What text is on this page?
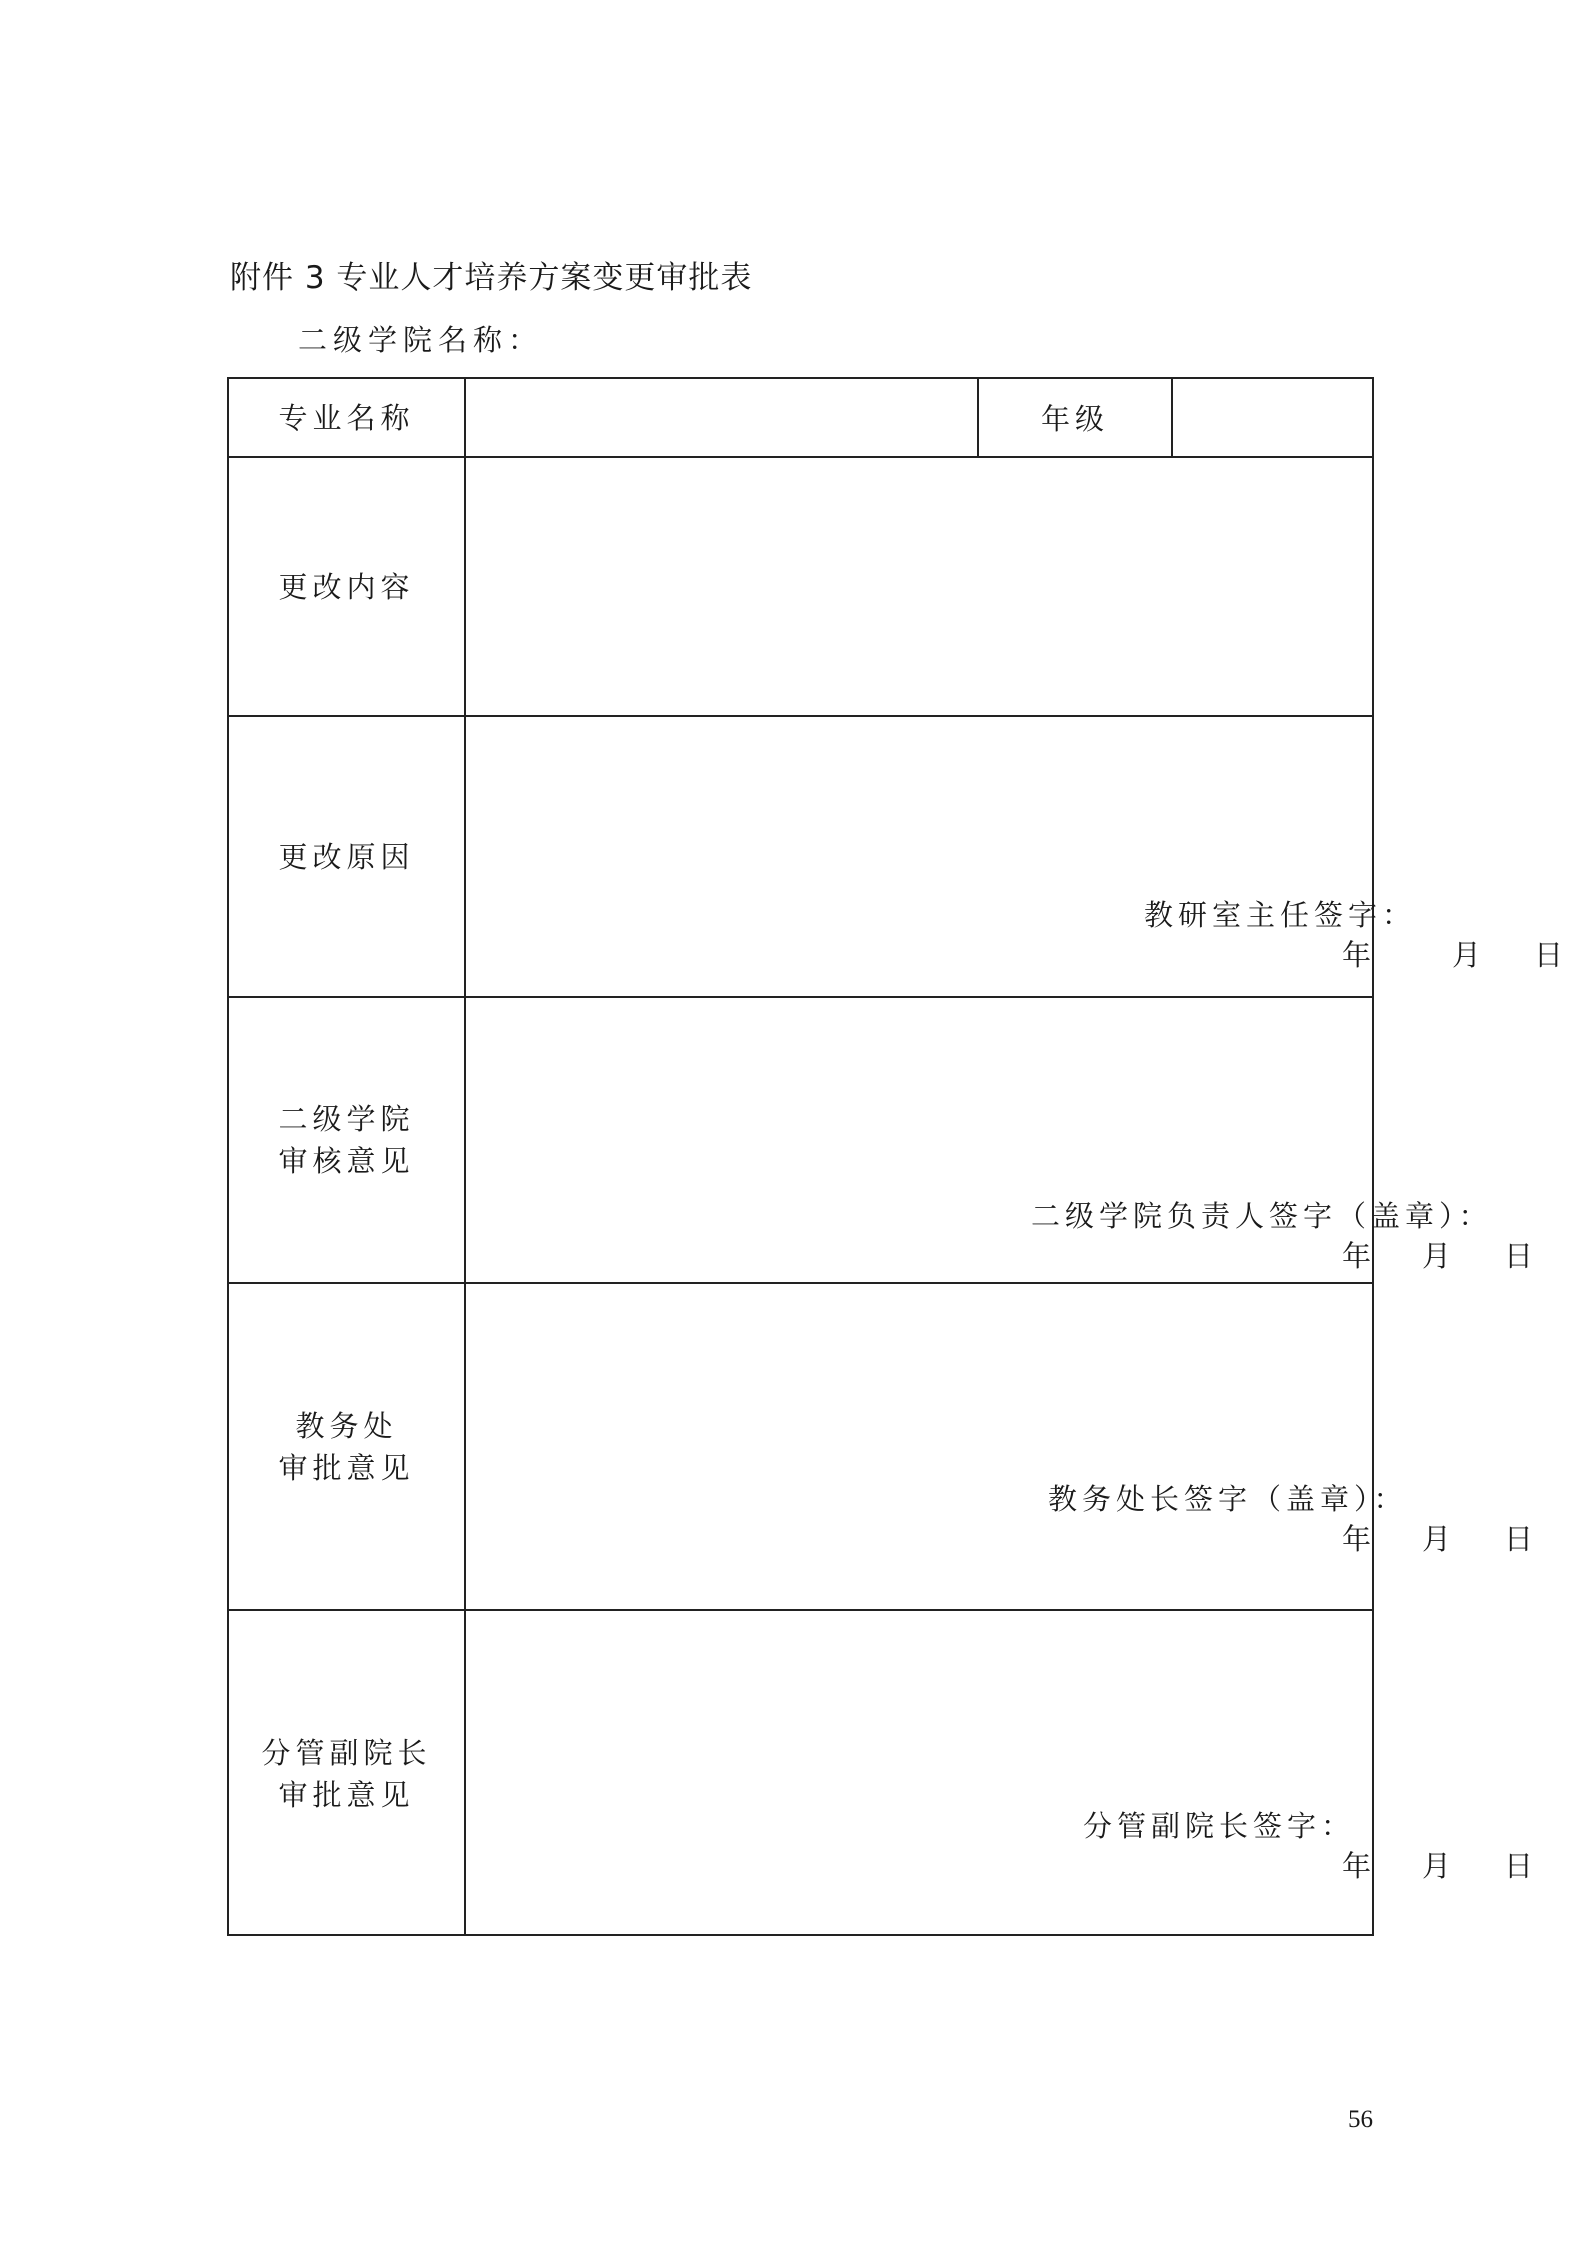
附件 3 专业人才培养方案变更审批表
二级学院名称：
专业名称	年级
更改内容
更改原因
教研室主任签字：
年	月 日
二级学院
审核意见
二级学院负责人签字（盖章）：
年 月 日
教务处
审批意见
教务处长签字（盖章）：
年 月 日
分管副院长
审批意见
分管副院长签字：
年 月 日
56
